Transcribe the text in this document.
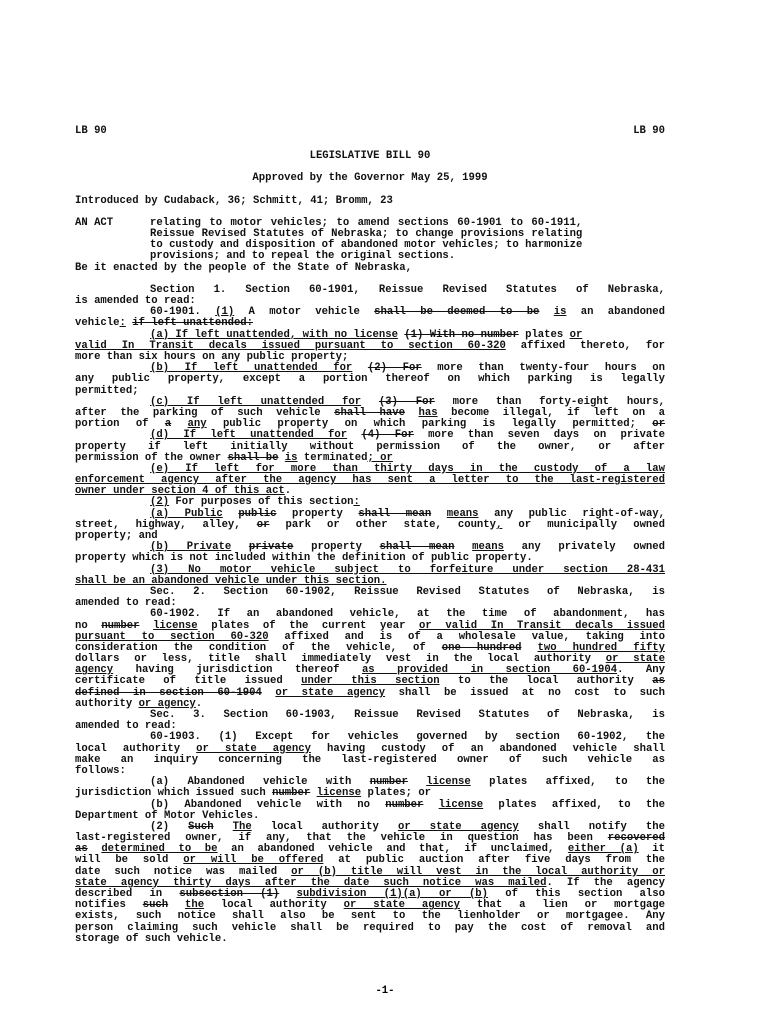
LB 90	LB 90
LEGISLATIVE BILL 90
Approved by the Governor May 25, 1999
Introduced by Cudaback, 36; Schmitt, 41; Bromm, 23
AN ACT	relating to motor vehicles; to amend sections 60-1901 to 60-1911,
Reissue Revised Statutes of Nebraska; to change provisions relating
to custody and disposition of abandoned motor vehicles; to harmonize
provisions; and to repeal the original sections.
Be it enacted by the people of the State of Nebraska,
Section 1. Section 60-1901, Reissue Revised Statutes of Nebraska,
is amended to read:
60-1901. (1) A motor vehicle shall be deemed to be is an abandoned
vehicle: if left unattended:
(a) If left unattended, with no license (1) With no number plates or
valid In Transit decals issued pursuant to section 60-320 affixed thereto, for
more than six hours on any public property;
(b) If left unattended for (2) For more than twenty-four hours on
any public property, except a portion thereof on which parking is legally
permitted;
(c) If left unattended for (3) For more than forty-eight hours,
after the parking of such vehicle shall have has become illegal, if left on a
portion of a any public property on which parking is legally permitted; or
(d) If left unattended for (4) For more than seven days on private
property if left initially without permission of the owner, or after
permission of the owner shall be is terminated; or
(e) If left for more than thirty days in the custody of a law
enforcement agency after the agency has sent a letter to the last-registered
owner under section 4 of this act.
(2) For purposes of this section:
(a) Public public property shall mean means any public right-of-way,
street, highway, alley, or park or other state, county, or municipally owned
property; and
(b) Private private property shall mean means any privately owned
property which is not included within the definition of public property.
(3) No motor vehicle subject to forfeiture under section 28-431
shall be an abandoned vehicle under this section.
Sec. 2. Section 60-1902, Reissue Revised Statutes of Nebraska, is
amended to read:
60-1902. If an abandoned vehicle, at the time of abandonment, has
no number license plates of the current year or valid In Transit decals issued
pursuant to section 60-320 affixed and is of a wholesale value, taking into
consideration the condition of the vehicle, of one hundred two hundred fifty
dollars or less, title shall immediately vest in the local authority or state
agency having jurisdiction thereof as provided in section 60-1904. Any
certificate of title issued under this section to the local authority as
defined in section 60-1904 or state agency shall be issued at no cost to such
authority or agency.
Sec. 3. Section 60-1903, Reissue Revised Statutes of Nebraska, is
amended to read:
60-1903. (1) Except for vehicles governed by section 60-1902, the
local authority or state agency having custody of an abandoned vehicle shall
make an inquiry concerning the last-registered owner of such vehicle as
follows:
(a) Abandoned vehicle with number license plates affixed, to the
jurisdiction which issued such number license plates; or
(b) Abandoned vehicle with no number license plates affixed, to the
Department of Motor Vehicles.
(2) Such The local authority or state agency shall notify the
last-registered owner, if any, that the vehicle in question has been recovered
as determined to be an abandoned vehicle and that, if unclaimed, either (a) it
will be sold or will be offered at public auction after five days from the
date such notice was mailed or (b) title will vest in the local authority or
state agency thirty days after the date such notice was mailed. If the agency
described in subsection (1) subdivision (1)(a) or (b) of this section also
notifies such the local authority or state agency that a lien or mortgage
exists, such notice shall also be sent to the lienholder or mortgagee. Any
person claiming such vehicle shall be required to pay the cost of removal and
storage of such vehicle.
-1-
